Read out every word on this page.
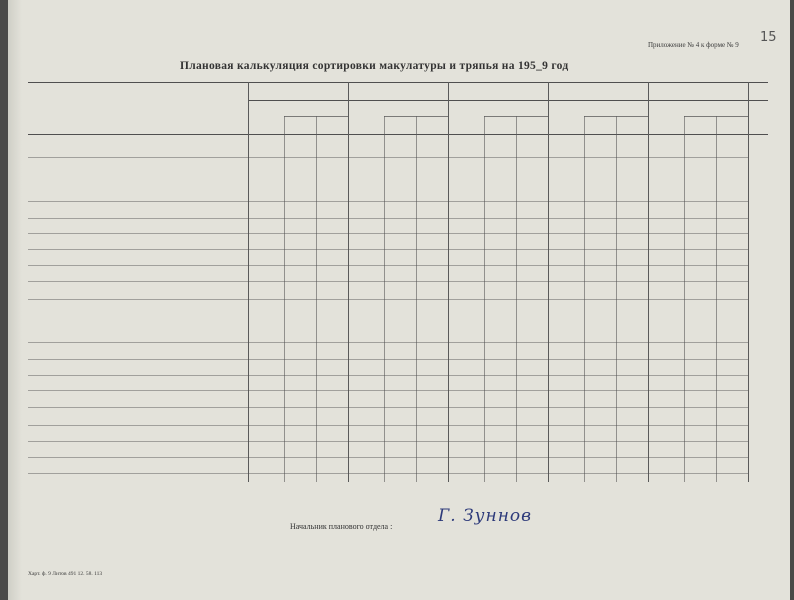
Приложение № 4 к форме № 9 15
Плановая калькуляция сортировки макулатуры и тряпья на 195_9 год
Начальник планового отдела :
Г. Зуннов
Харт. ф. 9 Литов 491 12. 58. 113
